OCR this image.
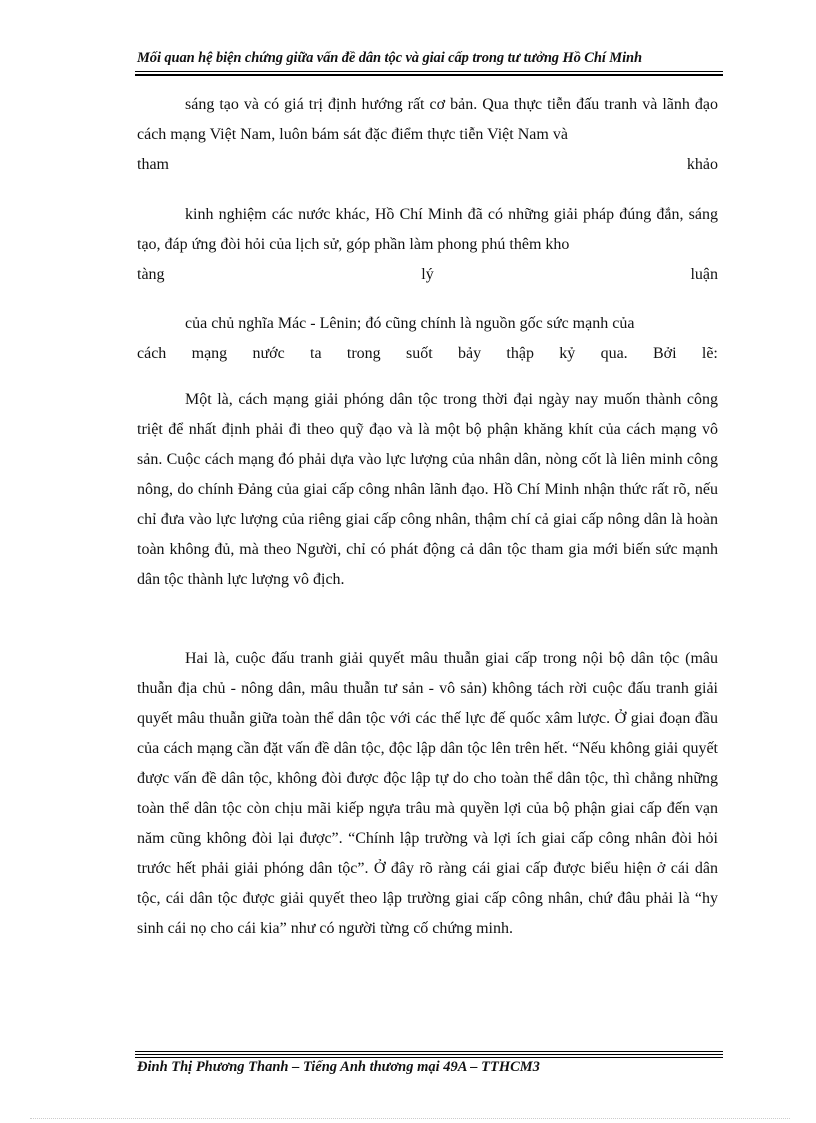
Mối quan hệ biện chứng giữa vấn đề dân tộc và giai cấp trong tư tưởng Hồ Chí Minh

sáng tạo và có giá trị định hướng rất cơ bản. Qua thực tiễn đấu tranh và lãnh đạo cách mạng Việt Nam, luôn bám sát đặc điểm thực tiễn Việt Nam và

tham	khảo

kinh nghiệm các nước khác, Hồ Chí Minh đã có những giải pháp đúng đắn, sáng tạo, đáp ứng đòi hỏi của lịch sử, góp phần làm phong phú thêm kho

tàng	lý	luận

của chủ nghĩa Mác - Lênin; đó cũng chính là nguồn gốc sức mạnh của

cách mạng nước ta trong suốt bảy thập kỷ qua. Bởi lẽ:

Một là, cách mạng giải phóng dân tộc trong thời đại ngày nay muốn thành công triệt để nhất định phải đi theo quỹ đạo và là một bộ phận khăng khít của cách mạng vô sản. Cuộc cách mạng đó phải dựa vào lực lượng của nhân dân, nòng cốt là liên minh công nông, do chính Đảng của giai cấp công nhân lãnh đạo. Hồ Chí Minh nhận thức rất rõ, nếu chỉ đưa vào lực lượng của riêng giai cấp công nhân, thậm chí cả giai cấp nông dân là hoàn toàn không đủ, mà theo Người, chỉ có phát động cả dân tộc tham gia mới biến sức mạnh dân tộc thành lực lượng vô địch.

Hai là, cuộc đấu tranh giải quyết mâu thuẫn giai cấp trong nội bộ dân tộc (mâu thuẫn địa chủ - nông dân, mâu thuẫn tư sản - vô sản) không tách rời cuộc đấu tranh giải quyết mâu thuẫn giữa toàn thể dân tộc với các thế lực đế quốc xâm lược. Ở giai đoạn đầu của cách mạng cần đặt vấn đề dân tộc, độc lập dân tộc lên trên hết. “Nếu không giải quyết được vấn đề dân tộc, không đòi được độc lập tự do cho toàn thể dân tộc, thì chẳng những toàn thể dân tộc còn chịu mãi kiếp ngựa trâu mà quyền lợi của bộ phận giai cấp đến vạn năm cũng không đòi lại được”. “Chính lập trường và lợi ích giai cấp công nhân đòi hỏi trước hết phải giải phóng dân tộc”. Ở đây rõ ràng cái giai cấp được biểu hiện ở cái dân tộc, cái dân tộc được giải quyết theo lập trường giai cấp công nhân, chứ đâu phải là “hy sinh cái nọ cho cái kia” như có người từng cố chứng minh.

Đinh Thị Phương Thanh – Tiếng Anh thương mại 49A – TTHCM3
